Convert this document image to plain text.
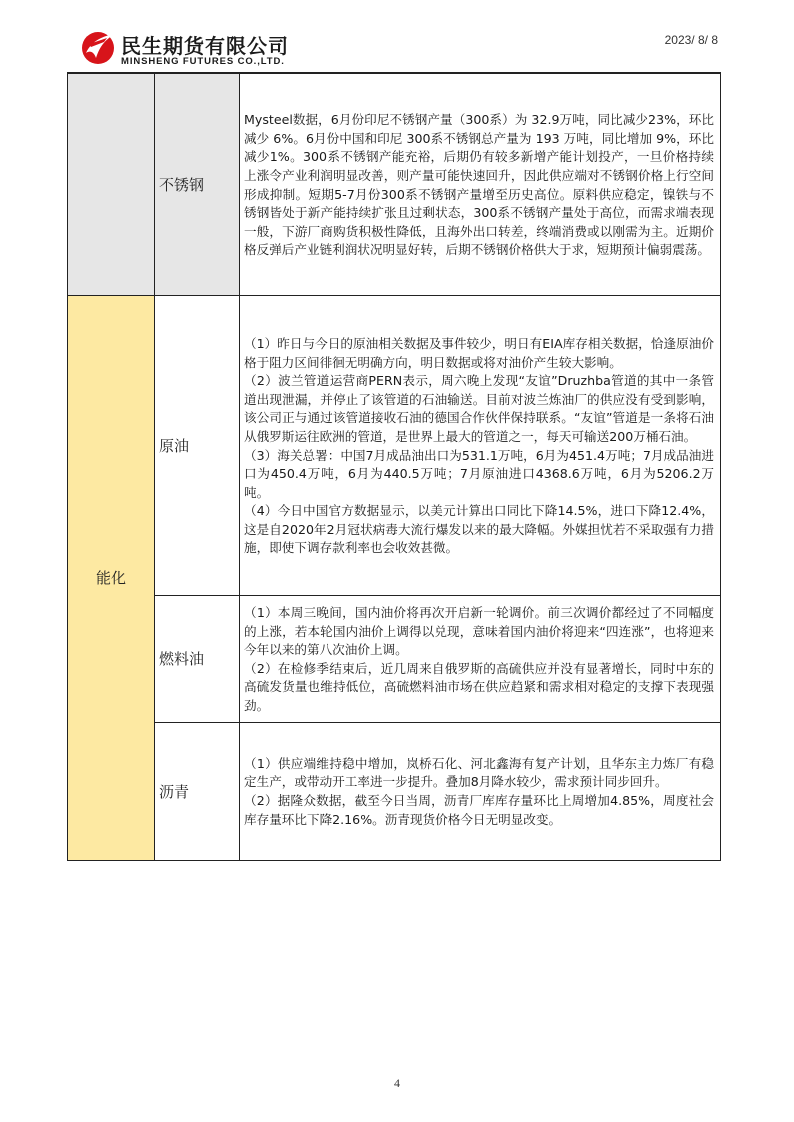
民生期货有限公司
MINSHENG FUTURES CO.,LTD.
2023/ 8/ 8
	不锈钢	Mysteel数据，6月份印尼不锈钢产量（300系）为 32.9万吨，同比减少23%，环比减少 6%。6月份中国和印尼 300系不锈钢总产量为 193 万吨，同比增加 9%，环比减少1%。300系不锈钢产能充裕，后期仍有较多新增产能计划投产，一旦价格持续上涨令产业利润明显改善，则产量可能快速回升，因此供应端对不锈钢价格上行空间形成抑制。短期5-7月份300系不锈钢产量增至历史高位。原料供应稳定，镍铁与不锈钢皆处于新产能持续扩张且过剩状态，300系不锈钢产量处于高位，而需求端表现一般，下游厂商购货积极性降低，且海外出口转差，终端消费或以刚需为主。近期价格反弹后产业链利润状况明显好转，后期不锈钢价格供大于求，短期预计偏弱震荡。

能化	原油	（1）昨日与今日的原油相关数据及事件较少，明日有EIA库存相关数据，恰逢原油价格于阻力区间徘徊无明确方向，明日数据或将对油价产生较大影响。

（2）波兰管道运营商PERN表示，周六晚上发现“友谊”Druzhba管道的其中一条管道出现泄漏，并停止了该管道的石油输送。目前对波兰炼油厂的供应没有受到影响，该公司正与通过该管道接收石油的德国合作伙伴保持联系。“友谊”管道是一条将石油从俄罗斯运往欧洲的管道，是世界上最大的管道之一，每天可输送200万桶石油。

（3）海关总署：中国7月成品油出口为531.1万吨，6月为451.4万吨；7月成品油进口为450.4万吨，6月为440.5万吨；7月原油进口4368.6万吨，6月为5206.2万吨。

（4）今日中国官方数据显示，以美元计算出口同比下降14.5%，进口下降12.4%，这是自2020年2月冠状病毒大流行爆发以来的最大降幅。外媒担忧若不采取强有力措施，即使下调存款利率也会收效甚微。

	燃料油	（1）本周三晚间，国内油价将再次开启新一轮调价。前三次调价都经过了不同幅度的上涨，若本轮国内油价上调得以兑现，意味着国内油价将迎来“四连涨”，也将迎来今年以来的第八次油价上调。

（2）在检修季结束后，近几周来自俄罗斯的高硫供应并没有显著增长，同时中东的高硫发货量也维持低位，高硫燃料油市场在供应趋紧和需求相对稳定的支撑下表现强劲。

	沥青	（1）供应端维持稳中增加，岚桥石化、河北鑫海有复产计划，且华东主力炼厂有稳定生产，或带动开工率进一步提升。叠加8月降水较少，需求预计同步回升。

（2）据隆众数据，截至今日当周，沥青厂库库存量环比上周增加4.85%，周度社会库存量环比下降2.16%。沥青现货价格今日无明显改变。

4
